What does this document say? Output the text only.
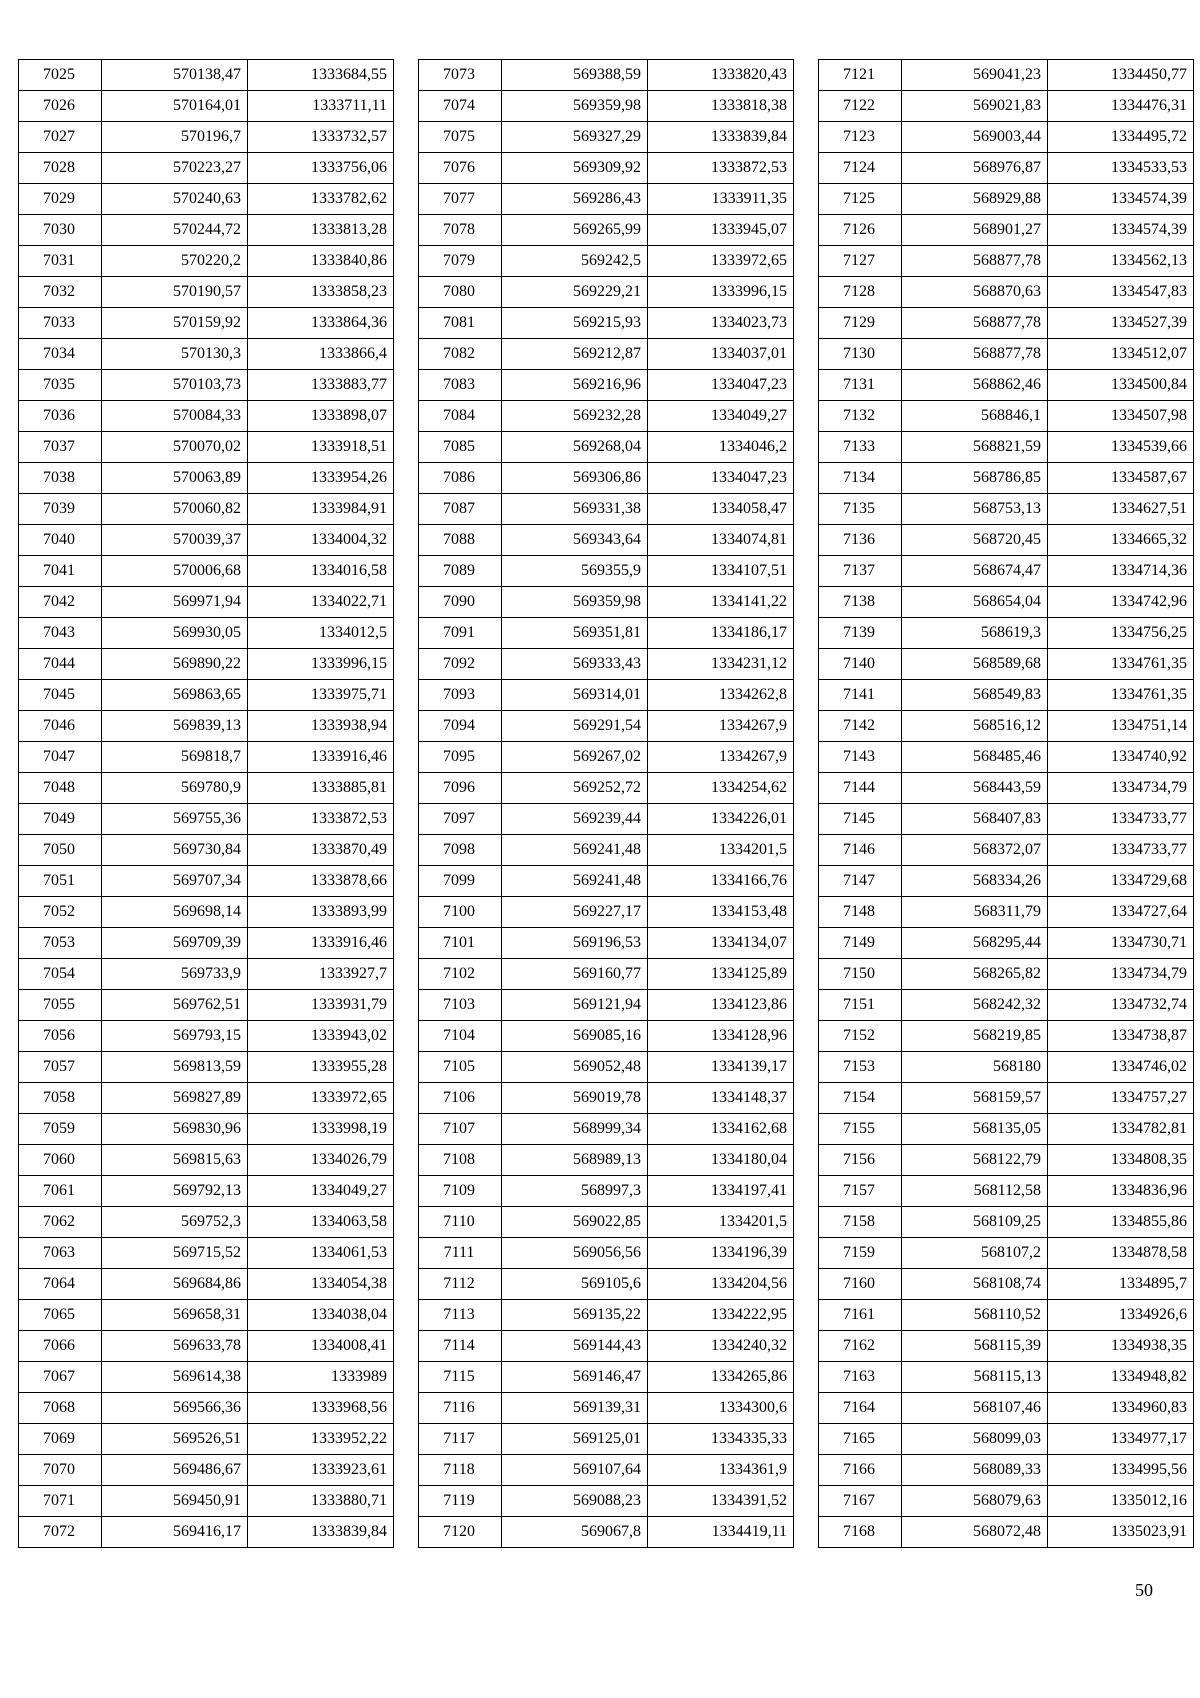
7025	570138,47	1333684,55
7026	570164,01	1333711,11
7027	570196,7	1333732,57
7028	570223,27	1333756,06
7029	570240,63	1333782,62
7030	570244,72	1333813,28
7031	570220,2	1333840,86
7032	570190,57	1333858,23
7033	570159,92	1333864,36
7034	570130,3	1333866,4
7035	570103,73	1333883,77
7036	570084,33	1333898,07
7037	570070,02	1333918,51
7038	570063,89	1333954,26
7039	570060,82	1333984,91
7040	570039,37	1334004,32
7041	570006,68	1334016,58
7042	569971,94	1334022,71
7043	569930,05	1334012,5
7044	569890,22	1333996,15
7045	569863,65	1333975,71
7046	569839,13	1333938,94
7047	569818,7	1333916,46
7048	569780,9	1333885,81
7049	569755,36	1333872,53
7050	569730,84	1333870,49
7051	569707,34	1333878,66
7052	569698,14	1333893,99
7053	569709,39	1333916,46
7054	569733,9	1333927,7
7055	569762,51	1333931,79
7056	569793,15	1333943,02
7057	569813,59	1333955,28
7058	569827,89	1333972,65
7059	569830,96	1333998,19
7060	569815,63	1334026,79
7061	569792,13	1334049,27
7062	569752,3	1334063,58
7063	569715,52	1334061,53
7064	569684,86	1334054,38
7065	569658,31	1334038,04
7066	569633,78	1334008,41
7067	569614,38	1333989
7068	569566,36	1333968,56
7069	569526,51	1333952,22
7070	569486,67	1333923,61
7071	569450,91	1333880,71
7072	569416,17	1333839,84
7073	569388,59	1333820,43
7074	569359,98	1333818,38
7075	569327,29	1333839,84
7076	569309,92	1333872,53
7077	569286,43	1333911,35
7078	569265,99	1333945,07
7079	569242,5	1333972,65
7080	569229,21	1333996,15
7081	569215,93	1334023,73
7082	569212,87	1334037,01
7083	569216,96	1334047,23
7084	569232,28	1334049,27
7085	569268,04	1334046,2
7086	569306,86	1334047,23
7087	569331,38	1334058,47
7088	569343,64	1334074,81
7089	569355,9	1334107,51
7090	569359,98	1334141,22
7091	569351,81	1334186,17
7092	569333,43	1334231,12
7093	569314,01	1334262,8
7094	569291,54	1334267,9
7095	569267,02	1334267,9
7096	569252,72	1334254,62
7097	569239,44	1334226,01
7098	569241,48	1334201,5
7099	569241,48	1334166,76
7100	569227,17	1334153,48
7101	569196,53	1334134,07
7102	569160,77	1334125,89
7103	569121,94	1334123,86
7104	569085,16	1334128,96
7105	569052,48	1334139,17
7106	569019,78	1334148,37
7107	568999,34	1334162,68
7108	568989,13	1334180,04
7109	568997,3	1334197,41
7110	569022,85	1334201,5
7111	569056,56	1334196,39
7112	569105,6	1334204,56
7113	569135,22	1334222,95
7114	569144,43	1334240,32
7115	569146,47	1334265,86
7116	569139,31	1334300,6
7117	569125,01	1334335,33
7118	569107,64	1334361,9
7119	569088,23	1334391,52
7120	569067,8	1334419,11
7121	569041,23	1334450,77
7122	569021,83	1334476,31
7123	569003,44	1334495,72
7124	568976,87	1334533,53
7125	568929,88	1334574,39
7126	568901,27	1334574,39
7127	568877,78	1334562,13
7128	568870,63	1334547,83
7129	568877,78	1334527,39
7130	568877,78	1334512,07
7131	568862,46	1334500,84
7132	568846,1	1334507,98
7133	568821,59	1334539,66
7134	568786,85	1334587,67
7135	568753,13	1334627,51
7136	568720,45	1334665,32
7137	568674,47	1334714,36
7138	568654,04	1334742,96
7139	568619,3	1334756,25
7140	568589,68	1334761,35
7141	568549,83	1334761,35
7142	568516,12	1334751,14
7143	568485,46	1334740,92
7144	568443,59	1334734,79
7145	568407,83	1334733,77
7146	568372,07	1334733,77
7147	568334,26	1334729,68
7148	568311,79	1334727,64
7149	568295,44	1334730,71
7150	568265,82	1334734,79
7151	568242,32	1334732,74
7152	568219,85	1334738,87
7153	568180	1334746,02
7154	568159,57	1334757,27
7155	568135,05	1334782,81
7156	568122,79	1334808,35
7157	568112,58	1334836,96
7158	568109,25	1334855,86
7159	568107,2	1334878,58
7160	568108,74	1334895,7
7161	568110,52	1334926,6
7162	568115,39	1334938,35
7163	568115,13	1334948,82
7164	568107,46	1334960,83
7165	568099,03	1334977,17
7166	568089,33	1334995,56
7167	568079,63	1335012,16
7168	568072,48	1335023,91
50
